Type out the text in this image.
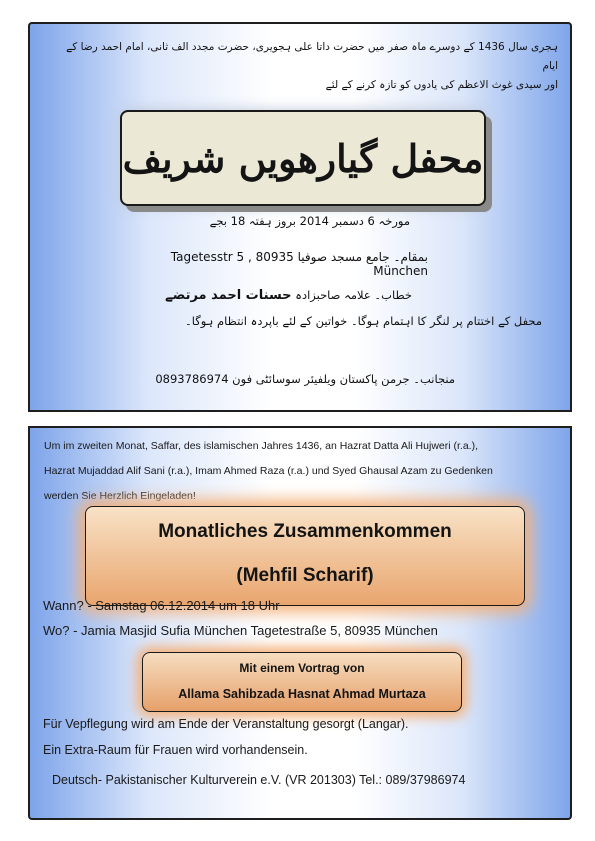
ہجری سال 1436 کے دوسرے ماہ صفر میں حضرت داتا علی ہجویری، حضرت مجدد الف ثانی، امام احمد رضا کے ایام
اور سیدی غوث الاعظم کی یادوں کو تازہ کرنے کے لئے
محفل گیارھویں شریف
مورخہ 6 دسمبر 2014 بروز ہفتہ 18 بجے
بمقام۔ جامع مسجد صوفیا Tagetesstr 5 , 80935 München
خطاب۔ علامہ صاحبزادہ حسنات احمد مرتضے
محفل کے اختتام پر لنگر کا اہتمام ہوگا۔ خواتین کے لئے باپردہ انتظام ہوگا۔
منجانب۔ جرمن پاکستان ویلفیئر سوسائٹی فون 0893786974
Um im zweiten Monat, Saffar, des islamischen Jahres 1436, an Hazrat Datta Ali Hujweri (r.a.),
Hazrat Mujaddad Alif Sani (r.a.), Imam Ahmed Raza (r.a.) und Syed Ghausal Azam zu Gedenken
werden Sie Herzlich Eingeladen!
Monatliches Zusammenkommen
(Mehfil Scharif)
Wann? - Samstag 06.12.2014 um 18 Uhr
Wo? - Jamia Masjid Sufia München Tagetestraße 5, 80935 München
Mit einem Vortrag von
Allama Sahibzada Hasnat Ahmad Murtaza
Für Vepflegung wird am Ende der Veranstaltung gesorgt (Langar).
Ein Extra-Raum für Frauen wird vorhandensein.
Deutsch- Pakistanischer Kulturverein e.V. (VR 201303) Tel.: 089/37986974
